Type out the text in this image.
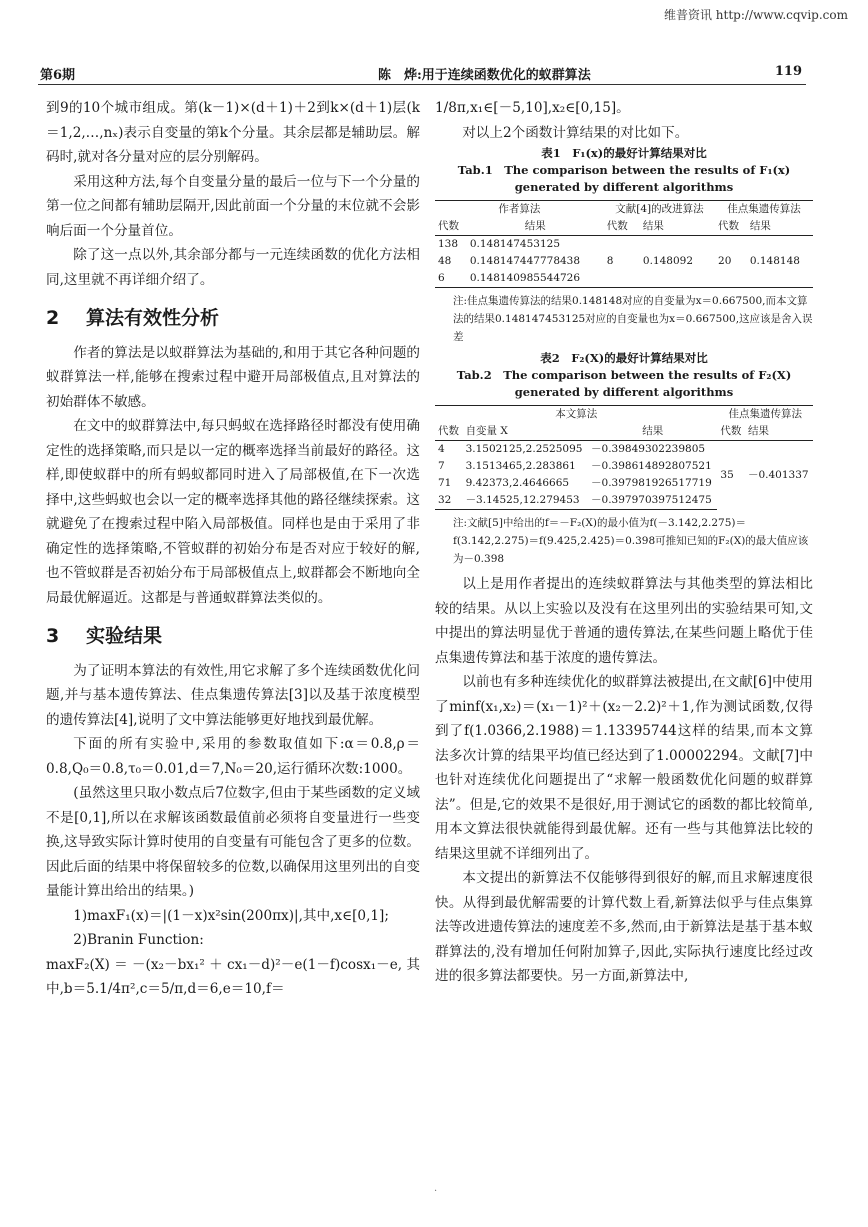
维普资讯 http://www.cqvip.com
第6期	陈　烨:用于连续函数优化的蚁群算法	119

到9的10个城市组成。第(k－1)×(d＋1)＋2到k×(d＋1)层(k＝1,2,…,nₓ)表示自变量的第k个分量。其余层都是辅助层。解码时,就对各分量对应的层分别解码。

采用这种方法,每个自变量分量的最后一位与下一个分量的第一位之间都有辅助层隔开,因此前面一个分量的末位就不会影响后面一个分量首位。

除了这一点以外,其余部分都与一元连续函数的优化方法相同,这里就不再详细介绍了。

2 算法有效性分析

作者的算法是以蚁群算法为基础的,和用于其它各种问题的蚁群算法一样,能够在搜索过程中避开局部极值点,且对算法的初始群体不敏感。

在文中的蚁群算法中,每只蚂蚁在选择路径时都没有使用确定性的选择策略,而只是以一定的概率选择当前最好的路径。这样,即使蚁群中的所有蚂蚁都同时进入了局部极值,在下一次选择中,这些蚂蚁也会以一定的概率选择其他的路径继续探索。这就避免了在搜索过程中陷入局部极值。同样也是由于采用了非确定性的选择策略,不管蚁群的初始分布是否对应于较好的解,也不管蚁群是否初始分布于局部极值点上,蚁群都会不断地向全局最优解逼近。这都是与普通蚁群算法类似的。

3 实验结果

为了证明本算法的有效性,用它求解了多个连续函数优化问题,并与基本遗传算法、佳点集遗传算法[3]以及基于浓度模型的遗传算法[4],说明了文中算法能够更好地找到最优解。

下面的所有实验中,采用的参数取值如下:α＝0.8,ρ＝0.8,Q₀＝0.8,τ₀＝0.01,d＝7,N₀＝20,运行循环次数:1000。

(虽然这里只取小数点后7位数字,但由于某些函数的定义域不是[0,1],所以在求解该函数最值前必须将自变量进行一些变换,这导致实际计算时使用的自变量有可能包含了更多的位数。因此后面的结果中将保留较多的位数,以确保用这里列出的自变量能计算出给出的结果。)

1)maxF₁(x)＝|(1－x)x²sin(200πx)|,其中,x∈[0,1];

2)Branin Function:

maxF₂(X)＝－(x₂－bx₁²＋cx₁－d)²－e(1－f)cosx₁－e,其中,b＝5.1/4π²,c＝5/π,d＝6,e＝10,f＝

1/8π,x₁∈[－5,10],x₂∈[0,15]。

对以上2个函数计算结果的对比如下。

表1　F₁(x)的最好计算结果对比
Tab.1　The comparison between the results of F₁(x)
generated by different algorithms
作者算法		文献[4]的改进算法		佳点集遗传算法	
代数	结果	代数	结果	代数	结果
138	0.148147453125				
48	0.148147447778438	8	0.148092	20	0.148148
6	0.148140985544726				
注:佳点集遗传算法的结果0.148148对应的自变量为x＝0.667500,而本文算法的结果0.148147453125对应的自变量也为x＝0.667500,这应该是舍入误差
表2　F₂(X)的最好计算结果对比
Tab.2　The comparison between the results of F₂(X)
generated by different algorithms
本文算法			佳点集遗传算法	
代数	自变量 X	结果	代数	结果
4	3.1502125,2.2525095	－0.39849302239805	35	－0.401337
7	3.1513465,2.283861	－0.398614892807521		
71	9.42373,2.4646665	－0.397981926517719		
32	－3.14525,12.279453	－0.397970397512475		
注:文献[5]中给出的f＝－F₂(X)的最小值为f(－3.142,2.275)＝f(3.142,2.275)＝f(9.425,2.425)＝0.398可推知已知的F₂(X)的最大值应该为－0.398

以上是用作者提出的连续蚁群算法与其他类型的算法相比较的结果。从以上实验以及没有在这里列出的实验结果可知,文中提出的算法明显优于普通的遗传算法,在某些问题上略优于佳点集遗传算法和基于浓度的遗传算法。

以前也有多种连续优化的蚁群算法被提出,在文献[6]中使用了minf(x₁,x₂)＝(x₁－1)²＋(x₂－2.2)²＋1,作为测试函数,仅得到了f(1.0366,2.1988)＝1.13395744这样的结果,而本文算法多次计算的结果平均值已经达到了1.00002294。文献[7]中也针对连续优化问题提出了“求解一般函数优化问题的蚁群算法”。但是,它的效果不是很好,用于测试它的函数的都比较简单,用本文算法很快就能得到最优解。还有一些与其他算法比较的结果这里就不详细列出了。

本文提出的新算法不仅能够得到很好的解,而且求解速度很快。从得到最优解需要的计算代数上看,新算法似乎与佳点集算法等改进遗传算法的速度差不多,然而,由于新算法是基于基本蚁群算法的,没有增加任何附加算子,因此,实际执行速度比经过改进的很多算法都要快。另一方面,新算法中,

·
